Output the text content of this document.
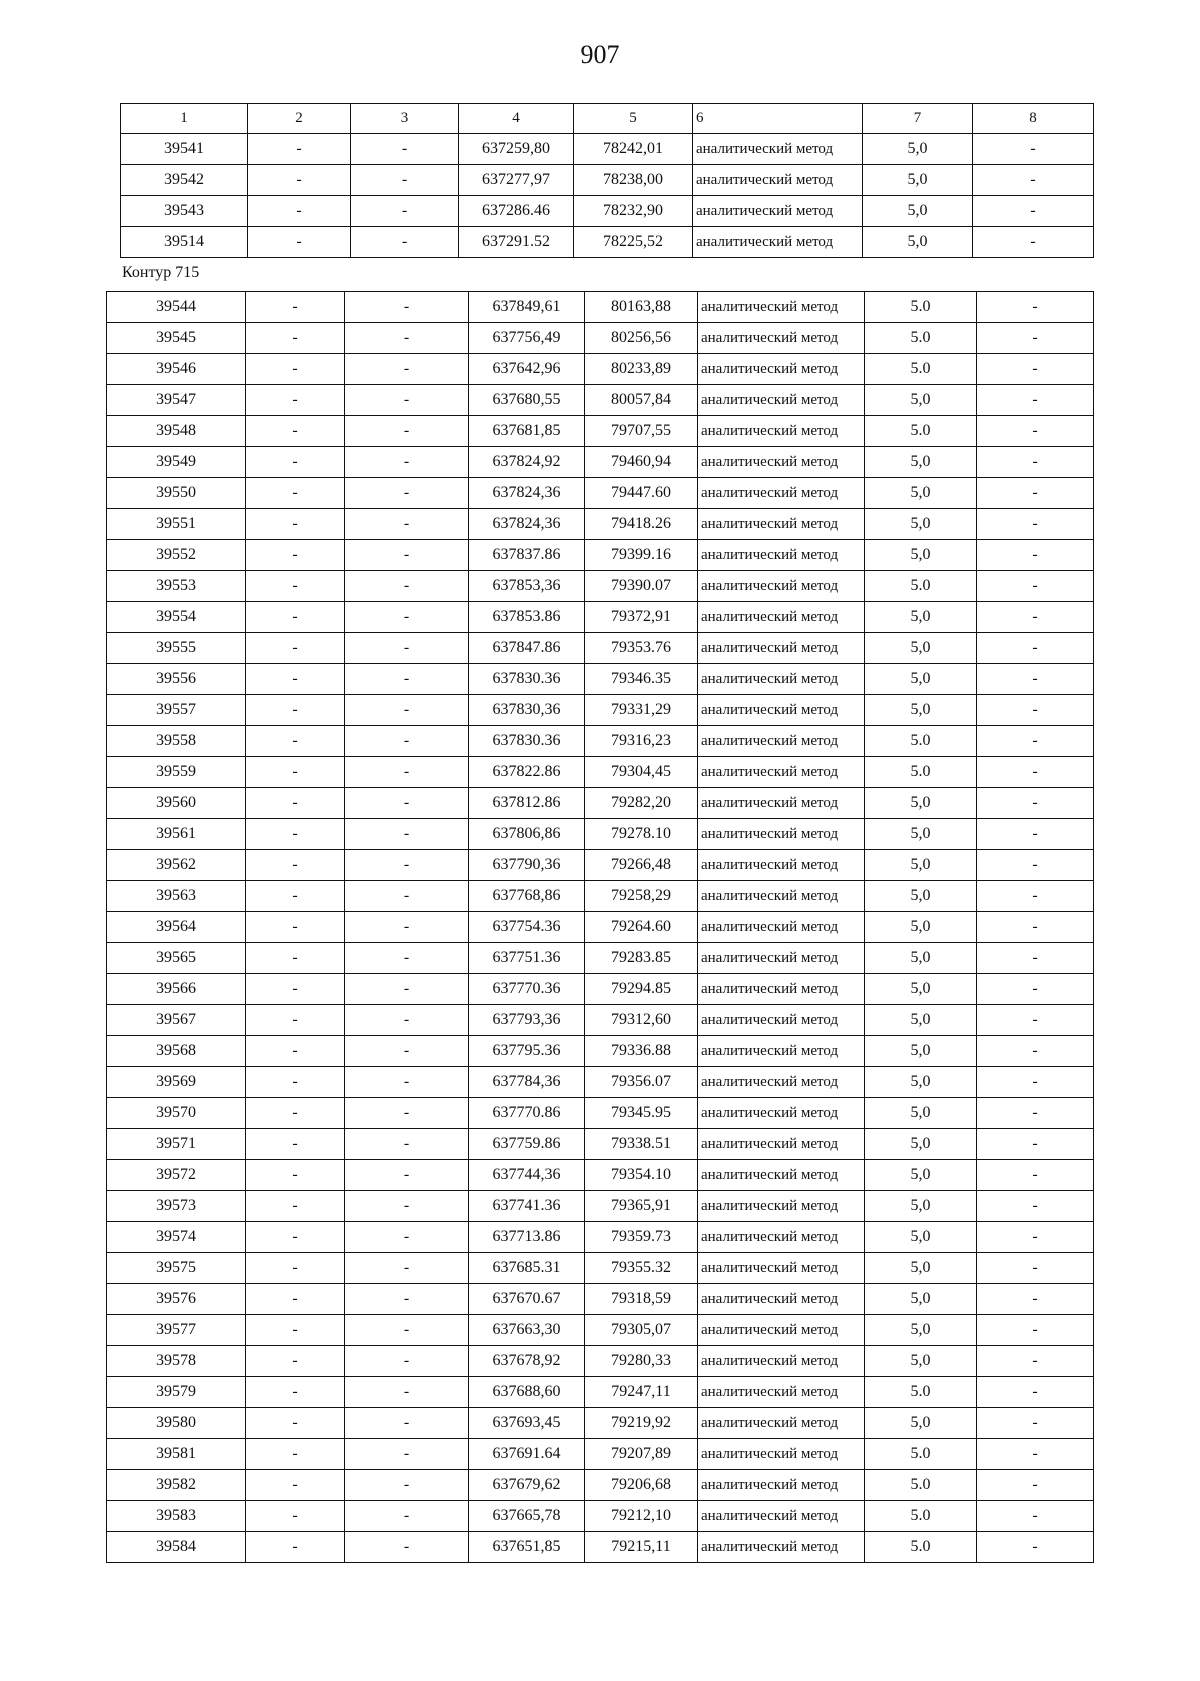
907
1	2	3	4	5	6	7	8
39541	-	-	637259,80	78242,01	аналитический метод	5,0	-
39542	-	-	637277,97	78238,00	аналитический метод	5,0	-
39543	-	-	637286.46	78232,90	аналитический метод	5,0	-
39514	-	-	637291.52	78225,52	аналитический метод	5,0	-
Контур 715
39544	-	-	637849,61	80163,88	аналитический метод	5.0	-
39545	-	-	637756,49	80256,56	аналитический метод	5.0	-
39546	-	-	637642,96	80233,89	аналитический метод	5.0	-
39547	-	-	637680,55	80057,84	аналитический метод	5,0	-
39548	-	-	637681,85	79707,55	аналитический метод	5.0	-
39549	-	-	637824,92	79460,94	аналитический метод	5,0	-
39550	-	-	637824,36	79447.60	аналитический метод	5,0	-
39551	-	-	637824,36	79418.26	аналитический метод	5,0	-
39552	-	-	637837.86	79399.16	аналитический метод	5,0	-
39553	-	-	637853,36	79390.07	аналитический метод	5.0	-
39554	-	-	637853.86	79372,91	аналитический метод	5,0	-
39555	-	-	637847.86	79353.76	аналитический метод	5,0	-
39556	-	-	637830.36	79346.35	аналитический метод	5,0	-
39557	-	-	637830,36	79331,29	аналитический метод	5,0	-
39558	-	-	637830.36	79316,23	аналитический метод	5.0	-
39559	-	-	637822.86	79304,45	аналитический метод	5.0	-
39560	-	-	637812.86	79282,20	аналитический метод	5,0	-
39561	-	-	637806,86	79278.10	аналитический метод	5,0	-
39562	-	-	637790,36	79266,48	аналитический метод	5,0	-
39563	-	-	637768,86	79258,29	аналитический метод	5,0	-
39564	-	-	637754.36	79264.60	аналитический метод	5,0	-
39565	-	-	637751.36	79283.85	аналитический метод	5,0	-
39566	-	-	637770.36	79294.85	аналитический метод	5,0	-
39567	-	-	637793,36	79312,60	аналитический метод	5,0	-
39568	-	-	637795.36	79336.88	аналитический метод	5,0	-
39569	-	-	637784,36	79356.07	аналитический метод	5,0	-
39570	-	-	637770.86	79345.95	аналитический метод	5,0	-
39571	-	-	637759.86	79338.51	аналитический метод	5,0	-
39572	-	-	637744,36	79354.10	аналитический метод	5,0	-
39573	-	-	637741.36	79365,91	аналитический метод	5,0	-
39574	-	-	637713.86	79359.73	аналитический метод	5,0	-
39575	-	-	637685.31	79355.32	аналитический метод	5,0	-
39576	-	-	637670.67	79318,59	аналитический метод	5,0	-
39577	-	-	637663,30	79305,07	аналитический метод	5,0	-
39578	-	-	637678,92	79280,33	аналитический метод	5,0	-
39579	-	-	637688,60	79247,11	аналитический метод	5.0	-
39580	-	-	637693,45	79219,92	аналитический метод	5,0	-
39581	-	-	637691.64	79207,89	аналитический метод	5.0	-
39582	-	-	637679,62	79206,68	аналитический метод	5.0	-
39583	-	-	637665,78	79212,10	аналитический метод	5.0	-
39584	-	-	637651,85	79215,11	аналитический метод	5.0	-
